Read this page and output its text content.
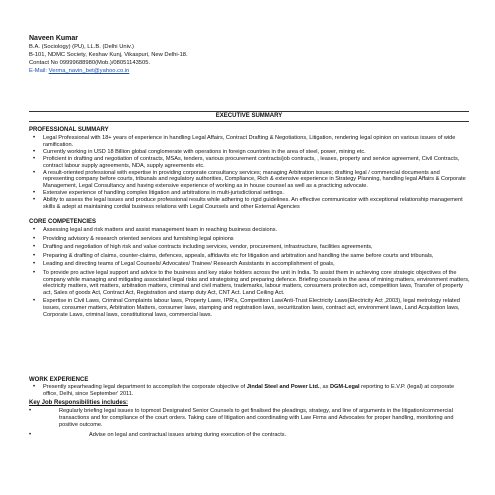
Naveen Kumar
B.A. (Sociology) (PU), LL.B. (Delhi Univ.)
B-101, NDMC Society, Keshav Kunj, Vikaspuri, New Delhi-18.
Contact No 09999688980(Mob.)/08051143505.
E-Mail: Verma_navin_bet@yahoo.co.in
EXECUTIVE SUMMARY
PROFESSIONAL SUMMARY

• Legal Professional with 18+ years of experience in handling Legal Affairs, Contract Drafting & Negotiations, Litigation, rendering legal opinion on various issues of wide ramification.

• Currently working in USD 18 Billion global conglomerate with operations in foreign countries in the area of steel, power, mining etc.

• Proficient in drafting and negotiation of contracts, MSAs, tenders, various procurement contracts/job contracts, , leases, property and service agreement, Civil Contracts, contract labour supply agreements, NDA, supply agreements etc.

• A result-oriented professional with expertise in providing corporate consultancy services; managing Arbitration issues; drafting legal / commercial documents and representing company before courts, tribunals and regulatory authorities, Compliance, Rich & extensive experience in Strategy Planning, handling legal Affairs & Corporate Management, Legal Consultancy and having extensive experience of working as in house counsel as well as a practicing advocate.

• Extensive experience of handling complex litigation and arbitrations in multi-jurisdictional settings.

• Ability to assess the legal issues and produce professional results while adhering to rigid guidelines. An effective communicator with exceptional relationship management skills & adept at maintaining cordial business relations with Legal Counsels and other External Agencies

CORE COMPETENCIES

• Assessing legal and risk matters and assist management team in reaching business decisions.

• Providing advisory & research oriented services and furnishing legal opinions

• Drafting and negotiation of high risk and value contracts including services, vendor, procurement, infrastructure, facilities agreements,

• Preparing & drafting of claims, counter-claims, defences, appeals, affidavits etc for litigation and arbitration and handling the same before courts and tribunals,

• Leading and directing teams of Legal Counsels/ Advocates/ Trainee/ Research Assistants in accomplishment of goals,

• To provide pro active legal support and advice to the business and key stake holders across the unit in India. To assist them in achieving core strategic objectives of the company while managing and mitigating associated legal risks and strategising and preparing defence. Briefing counsels in the area of mining matters, environment matters, electricity matters, writ matters, arbitration matters, criminal and civil matters, trademarks, labour matters, consumers protection act, competition laws, Transfer of property act, Sales of goods Act, Contract Act, Registration and stamp duty Act, CNT Act. Land Ceiling Act.

• Expertise in Civil Laws, Criminal Complaints labour laws, Property Laws, IPR's, Competition Law/Anti-Trust Electricity Laws(Electricity Act ,2003), legal metrology related issues, consumer matters, Arbitration Matters, consumer laws, stamping and registration laws, securitization laws, contract act, environment laws, Land Acquisition laws, Corporate Laws, criminal laws, constitutional laws, commercial laws.

WORK EXPERIENCE

• Presently spearheading legal department to accomplish the corporate objective of Jindal Steel and Power Ltd., as DGM-Legal reporting to E.V.P. (legal) at corporate office, Delhi, since September' 2011.

Key Job Responsibilities includes:

•	Regularly briefing legal issues to topmost Designated Senior Counsels to get finalised the pleadings, strategy, and line of arguments in the litigation/commercial transactions and for compliance of the court orders. Taking care of litigation and coordinating with Law Firms and Advocates for proper handling, monitoring and positive outcome.

•	Advise on legal and contractual issues arising during execution of the contracts.
